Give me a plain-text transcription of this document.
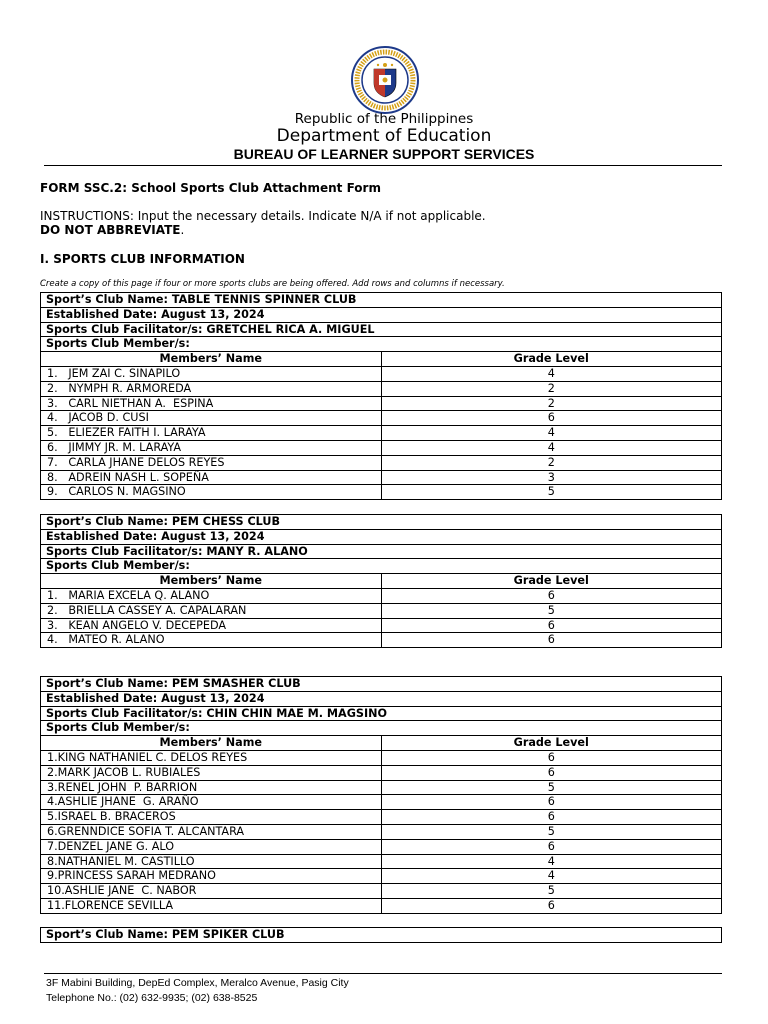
Republic of the Philippines
Department of Education
BUREAU OF LEARNER SUPPORT SERVICES
FORM SSC.2: School Sports Club Attachment Form
INSTRUCTIONS: Input the necessary details. Indicate N/A if not applicable.
DO NOT ABBREVIATE.
I. SPORTS CLUB INFORMATION
Create a copy of this page if four or more sports clubs are being offered. Add rows and columns if necessary.
Sport’s Club Name: TABLE TENNIS SPINNER CLUB	
Established Date: August 13, 2024	
Sports Club Facilitator/s: GRETCHEL RICA A. MIGUEL	
Sports Club Member/s:	
Members’ Name	Grade Level
1.   JEM ZAI C. SINAPILO	4
2.   NYMPH R. ARMOREDA	2
3.   CARL NIETHAN A.  ESPINA	2
4.   JACOB D. CUSI	6
5.   ELIEZER FAITH I. LARAYA	4
6.   JIMMY JR. M. LARAYA	4
7.   CARLA JHANE DELOS REYES	2
8.   ADREIN NASH L. SOPEÑA	3
9.   CARLOS N. MAGSINO	5
Sport’s Club Name: PEM CHESS CLUB	
Established Date: August 13, 2024	
Sports Club Facilitator/s: MANY R. ALANO	
Sports Club Member/s:	
Members’ Name	Grade Level
1.   MARIA EXCELA Q. ALANO	6
2.   BRIELLA CASSEY A. CAPALARAN	5
3.   KEAN ANGELO V. DECEPEDA	6
4.   MATEO R. ALANO	6
Sport’s Club Name: PEM SMASHER CLUB	
Established Date: August 13, 2024	
Sports Club Facilitator/s: CHIN CHIN MAE M. MAGSINO	
Sports Club Member/s:	
Members’ Name	Grade Level
1.KING NATHANIEL C. DELOS REYES	6
2.MARK JACOB L. RUBIALES	6
3.RENEL JOHN  P. BARRION	5
4.ASHLIE JHANE  G. ARAÑO	6
5.ISRAEL B. BRACEROS	6
6.GRENNDICE SOFIA T. ALCANTARA	5
7.DENZEL JANE G. ALO	6
8.NATHANIEL M. CASTILLO	4
9.PRINCESS SARAH MEDRANO	4
10.ASHLIE JANE  C. NABOR	5
11.FLORENCE SEVILLA	6
Sport’s Club Name: PEM SPIKER CLUB
3F Mabini Building, DepEd Complex, Meralco Avenue, Pasig City
Telephone No.: (02) 632-9935; (02) 638-8525
